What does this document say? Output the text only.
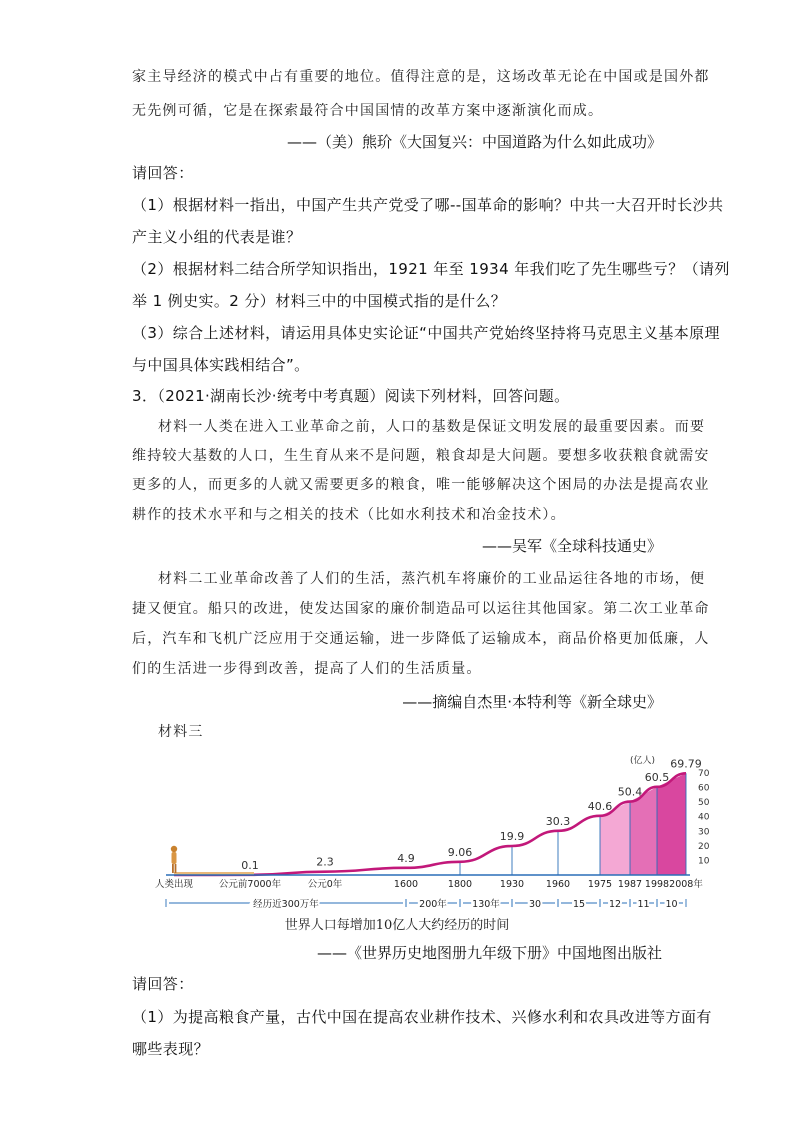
家主导经济的模式中占有重要的地位。值得注意的是，这场改革无论在中国或是国外都
无先例可循，它是在探索最符合中国国情的改革方案中逐渐演化而成。
——（美）熊玠《大国复兴：中国道路为什么如此成功》
请回答：
（1）根据材料一指出，中国产生共产党受了哪--国革命的影响？中共一大召开时长沙共
产主义小组的代表是谁？
（2）根据材料二结合所学知识指出，1921 年至 1934 年我们吃了先生哪些亏？（请列
举 1 例史实。2 分）材料三中的中国模式指的是什么？
（3）综合上述材料，请运用具体史实论证“中国共产党始终坚持将马克思主义基本原理
与中国具体实践相结合”。
3．（2021·湖南长沙·统考中考真题）阅读下列材料，回答问题。
材料一人类在进入工业革命之前，人口的基数是保证文明发展的最重要因素。而要
维持较大基数的人口，生生育从来不是问题，粮食却是大问题。要想多收获粮食就需安
更多的人，而更多的人就又需要更多的粮食，唯一能够解决这个困局的办法是提高农业
耕作的技术水平和与之相关的技术（比如水利技术和冶金技术）。
——吴军《全球科技通史》
材料二工业革命改善了人们的生活，蒸汽机车将廉价的工业品运往各地的市场，便
捷又便宜。船只的改进，使发达国家的廉价制造品可以运往其他国家。第二次工业革命
后，汽车和飞机广泛应用于交通运输，进一步降低了运输成本，商品价格更加低廉，人
们的生活进一步得到改善，提高了人们的生活质量。
——摘编自杰里·本特利等《新全球史》
材料三
0.1	2.3	4.9	9.06
19.9
30.3
40.6
50.4
60.5
69.79
人类出现	公元前7000年	公元0年	1600	1800	1930 1960 1975 1987 1998 2008年
10
20
30
40
50
60
70
(亿人)
经历近300万年	200年	130年	30	15	12 11 10
世界人口每增加10亿人大约经历的时间
——《世界历史地图册九年级下册》中国地图出版社
请回答：
（1）为提高粮食产量，古代中国在提高农业耕作技术、兴修水利和农具改进等方面有
哪些表现？
